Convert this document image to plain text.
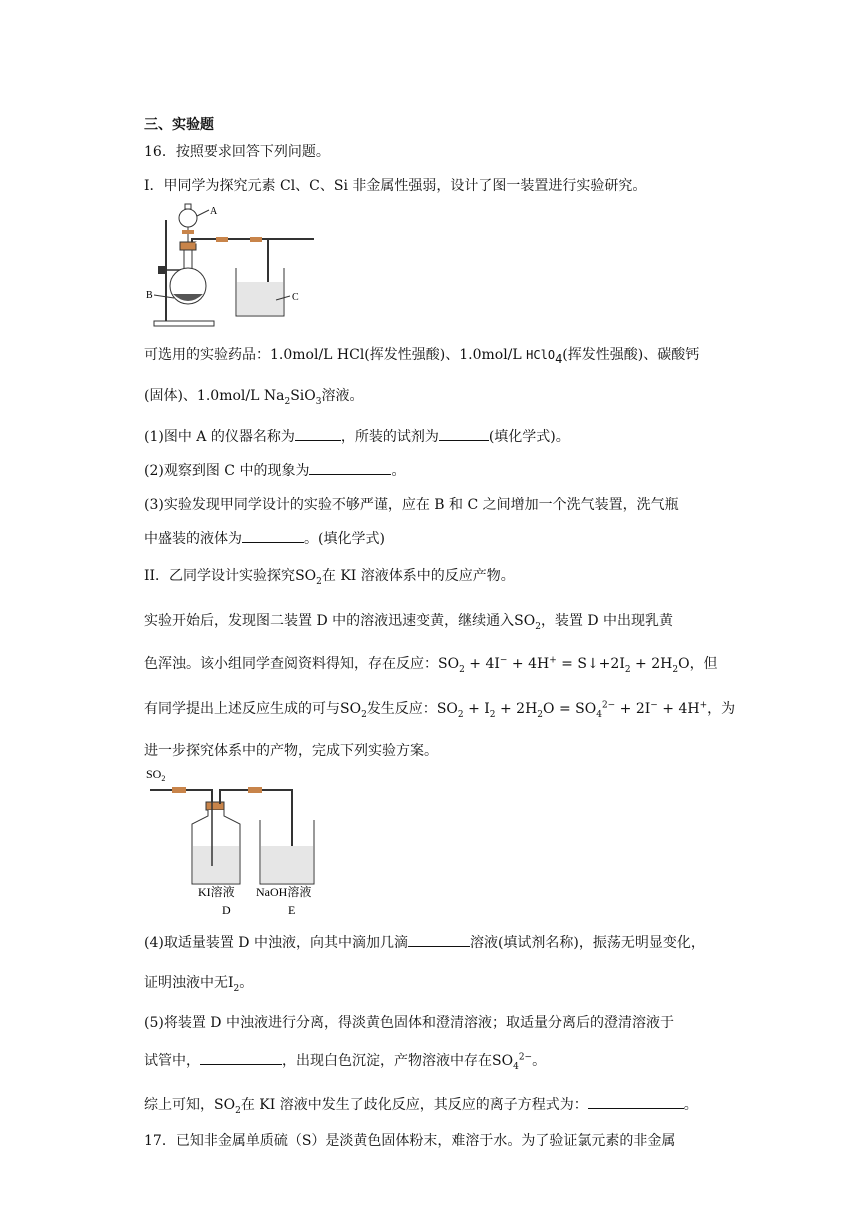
三、实验题
16．按照要求回答下列问题。
I．甲同学为探究元素 Cl、C、Si 非金属性强弱，设计了图一装置进行实验研究。
A
B	C
可选用的实验药品：1.0mol/L HCl(挥发性强酸)、1.0mol/L HClO$_4$(挥发性强酸)、碳酸钙
(固体)、1.0mol/L $Na_2SiO_3$溶液。
(1)图中 A 的仪器名称为	，所装的试剂为	(填化学式)。
(2)观察到图 C 中的现象为	。
(3)实验发现甲同学设计的实验不够严谨，应在 B 和 C 之间增加一个洗气装置，洗气瓶
中盛装的液体为	。(填化学式)
II．乙同学设计实验探究$SO_2$在 KI 溶液体系中的反应产物。
实验开始后，发现图二装置 D 中的溶液迅速变黄，继续通入$SO_2$，装置 D 中出现乳黄
色浑浊。该小组同学查阅资料得知，存在反应：$SO_2 + 4I^- + 4H^+$ = $S↓+2I_2 + 2H_2O$，但
有同学提出上述反应生成的可与$SO_2$发生反应：$SO_2 + I_2 + 2H_2O = SO_4^{2-} + 2I^- + 4H^+$，为
进一步探究体系中的产物，完成下列实验方案。
$SO_2$
KI溶液
D
NaOH溶液
E
(4)取适量装置 D 中浊液，向其中滴加几滴	溶液(填试剂名称)，振荡无明显变化，
证明浊液中无$I_2$。
(5)将装置 D 中浊液进行分离，得淡黄色固体和澄清溶液；取适量分离后的澄清溶液于
试管中，	，出现白色沉淀，产物溶液中存在$SO_4^{2-}$。
综上可知，$SO_2$在 KI 溶液中发生了歧化反应，其反应的离子方程式为：	。
17．已知非金属单质硫（S）是淡黄色固体粉末，难溶于水。为了验证氯元素的非金属
